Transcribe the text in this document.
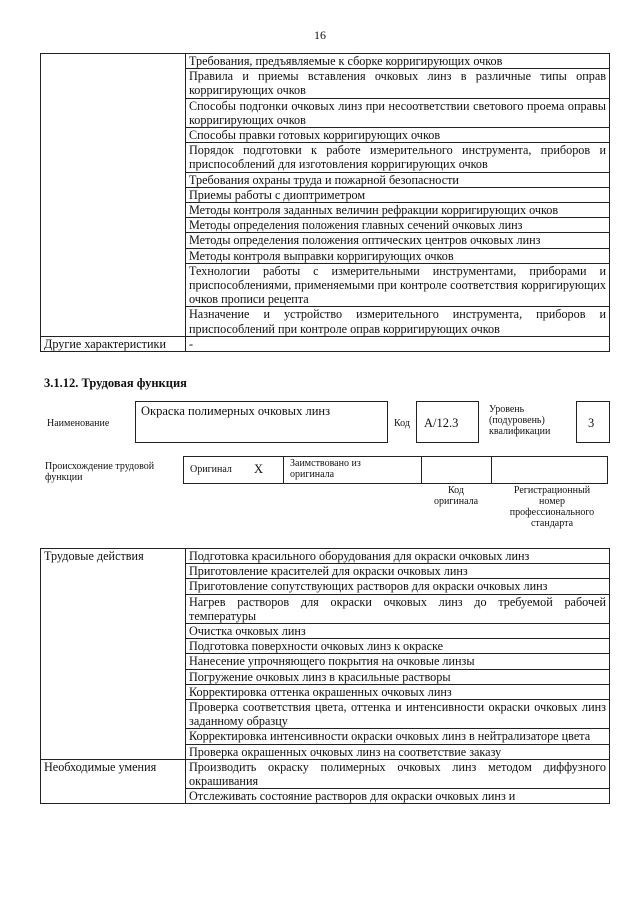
16
	Требования, предъявляемые к сборке корригирующих очков
	Правила и приемы вставления очковых линз в различные типы оправ корригирующих очков
	Способы подгонки очковых линз при несоответствии светового проема оправы корригирующих очков
	Способы правки готовых корригирующих очков
	Порядок подготовки к работе измерительного инструмента, приборов и приспособлений для изготовления корригирующих очков
	Требования охраны труда и пожарной безопасности
	Приемы работы с диоптриметром
	Методы контроля заданных величин рефракции корригирующих очков
	Методы определения положения главных сечений очковых линз
	Методы определения положения оптических центров очковых линз
	Методы контроля выправки корригирующих очков
	Технологии работы с измерительными инструментами, приборами и приспособлениями, применяемыми при контроле соответствия корригирующих очков прописи рецепта
	Назначение и устройство измерительного инструмента, приборов и приспособлений при контроле оправ корригирующих очков
Другие характеристики	-
3.1.12. Трудовая функция
Наименование
Окраска полимерных очковых линз
Код A/12.3
Уровень (подуровень) квалификации
3
Происхождение трудовой функции
Оригинал X	Заимствовано из оригинала
Код оригинала
Регистрационный номер профессионального стандарта
Трудовые действия	Подготовка красильного оборудования для окраски очковых линз
	Приготовление красителей для окраски очковых линз
	Приготовление сопутствующих растворов для окраски очковых линз
	Нагрев растворов для окраски очковых линз до требуемой рабочей температуры
	Очистка очковых линз
	Подготовка поверхности очковых линз к окраске
	Нанесение упрочняющего покрытия на очковые линзы
	Погружение очковых линз в красильные растворы
	Корректировка оттенка окрашенных очковых линз
	Проверка соответствия цвета, оттенка и интенсивности окраски очковых линз заданному образцу
	Корректировка интенсивности окраски очковых линз в нейтрализаторе цвета
	Проверка окрашенных очковых линз на соответствие заказу
Необходимые умения	Производить окраску полимерных очковых линз методом диффузного окрашивания
	Отслеживать состояние растворов для окраски очковых линз и
